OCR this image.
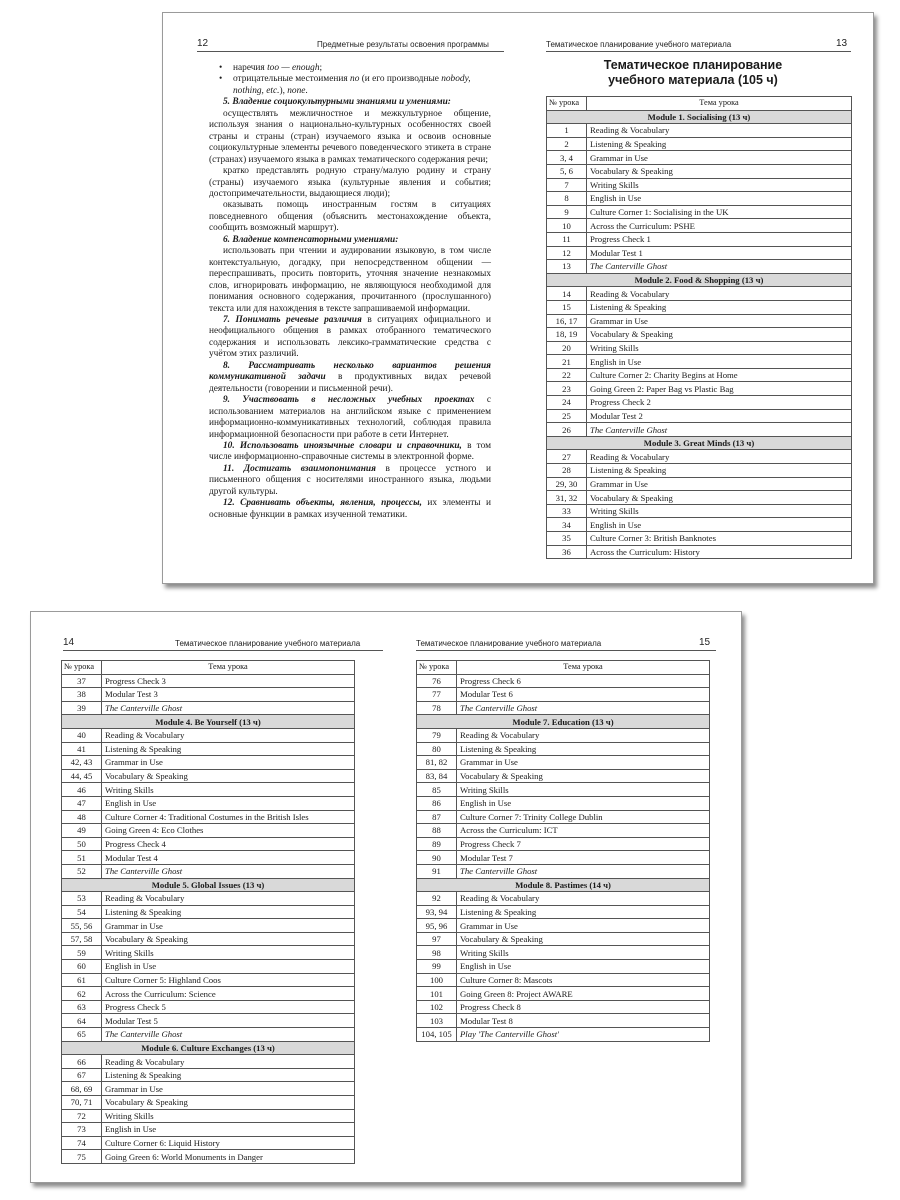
12	Предметные результаты освоения программы
• наречия too — enough;
• отрицательные местоимения no (и его производные nobody, nothing, etc.), none.

5. Владение социокультурными знаниями и умениями:

осуществлять межличностное и межкультурное общение, используя знания о национально-культурных особенностях своей страны и страны (стран) изучаемого языка и освоив основные социокультурные элементы речевого поведенческого этикета в стране (странах) изучаемого языка в рамках тематического содержания речи;

кратко представлять родную страну/малую родину и страну (страны) изучаемого языка (культурные явления и события; достопримечательности, выдающиеся люди);

оказывать помощь иностранным гостям в ситуациях повседневного общения (объяснить местонахождение объекта, сообщить возможный маршрут).

6. Владение компенсаторными умениями:

использовать при чтении и аудировании языковую, в том числе контекстуальную, догадку, при непосредственном общении — переспрашивать, просить повторить, уточняя значение незнакомых слов, игнорировать информацию, не являющуюся необходимой для понимания основного содержания, прочитанного (прослушанного) текста или для нахождения в тексте запрашиваемой информации.

7. Понимать речевые различия в ситуациях официального и неофициального общения в рамках отобранного тематического содержания и использовать лексико-грамматические средства с учётом этих различий.

8. Рассматривать несколько вариантов решения коммуникативной задачи в продуктивных видах речевой деятельности (говорении и письменной речи).

9. Участвовать в несложных учебных проектах с использованием материалов на английском языке с применением информационно-коммуникативных технологий, соблюдая правила информационной безопасности при работе в сети Интернет.

10. Использовать иноязычные словари и справочники, в том числе информационно-справочные системы в электронной форме.

11. Достигать взаимопонимания в процессе устного и письменного общения с носителями иностранного языка, людьми другой культуры.

12. Сравнивать объекты, явления, процессы, их элементы и основные функции в рамках изученной тематики.

Тематическое планирование учебного материала	13
Тематическое планирование
учебного материала (105 ч)
№ урока	Тема урока
Module 1. Socialising (13 ч)	
1	Reading & Vocabulary
2	Listening & Speaking
3, 4	Grammar in Use
5, 6	Vocabulary & Speaking
7	Writing Skills
8	English in Use
9	Culture Corner 1: Socialising in the UK
10	Across the Curriculum: PSHE
11	Progress Check 1
12	Modular Test 1
13	The Canterville Ghost
Module 2. Food & Shopping (13 ч)	
14	Reading & Vocabulary
15	Listening & Speaking
16, 17	Grammar in Use
18, 19	Vocabulary & Speaking
20	Writing Skills
21	English in Use
22	Culture Corner 2: Charity Begins at Home
23	Going Green 2: Paper Bag vs Plastic Bag
24	Progress Check 2
25	Modular Test 2
26	The Canterville Ghost
Module 3. Great Minds (13 ч)	
27	Reading & Vocabulary
28	Listening & Speaking
29, 30	Grammar in Use
31, 32	Vocabulary & Speaking
33	Writing Skills
34	English in Use
35	Culture Corner 3: British Banknotes
36	Across the Curriculum: History
14	Тематическое планирование учебного материала
№ урока	Тема урока
37	Progress Check 3
38	Modular Test 3
39	The Canterville Ghost
Module 4. Be Yourself (13 ч)	
40	Reading & Vocabulary
41	Listening & Speaking
42, 43	Grammar in Use
44, 45	Vocabulary & Speaking
46	Writing Skills
47	English in Use
48	Culture Corner 4: Traditional Costumes in the British Isles
49	Going Green 4: Eco Clothes
50	Progress Check 4
51	Modular Test 4
52	The Canterville Ghost
Module 5. Global Issues (13 ч)	
53	Reading & Vocabulary
54	Listening & Speaking
55, 56	Grammar in Use
57, 58	Vocabulary & Speaking
59	Writing Skills
60	English in Use
61	Culture Corner 5: Highland Coos
62	Across the Curriculum: Science
63	Progress Check 5
64	Modular Test 5
65	The Canterville Ghost
Module 6. Culture Exchanges (13 ч)	
66	Reading & Vocabulary
67	Listening & Speaking
68, 69	Grammar in Use
70, 71	Vocabulary & Speaking
72	Writing Skills
73	English in Use
74	Culture Corner 6: Liquid History
75	Going Green 6: World Monuments in Danger
Тематическое планирование учебного материала	15
№ урока	Тема урока
76	Progress Check 6
77	Modular Test 6
78	The Canterville Ghost
Module 7. Education (13 ч)	
79	Reading & Vocabulary
80	Listening & Speaking
81, 82	Grammar in Use
83, 84	Vocabulary & Speaking
85	Writing Skills
86	English in Use
87	Culture Corner 7: Trinity College Dublin
88	Across the Curriculum: ICT
89	Progress Check 7
90	Modular Test 7
91	The Canterville Ghost
Module 8. Pastimes (14 ч)	
92	Reading & Vocabulary
93, 94	Listening & Speaking
95, 96	Grammar in Use
97	Vocabulary & Speaking
98	Writing Skills
99	English in Use
100	Culture Corner 8: Mascots
101	Going Green 8: Project AWARE
102	Progress Check 8
103	Modular Test 8
104, 105	Play 'The Canterville Ghost'
